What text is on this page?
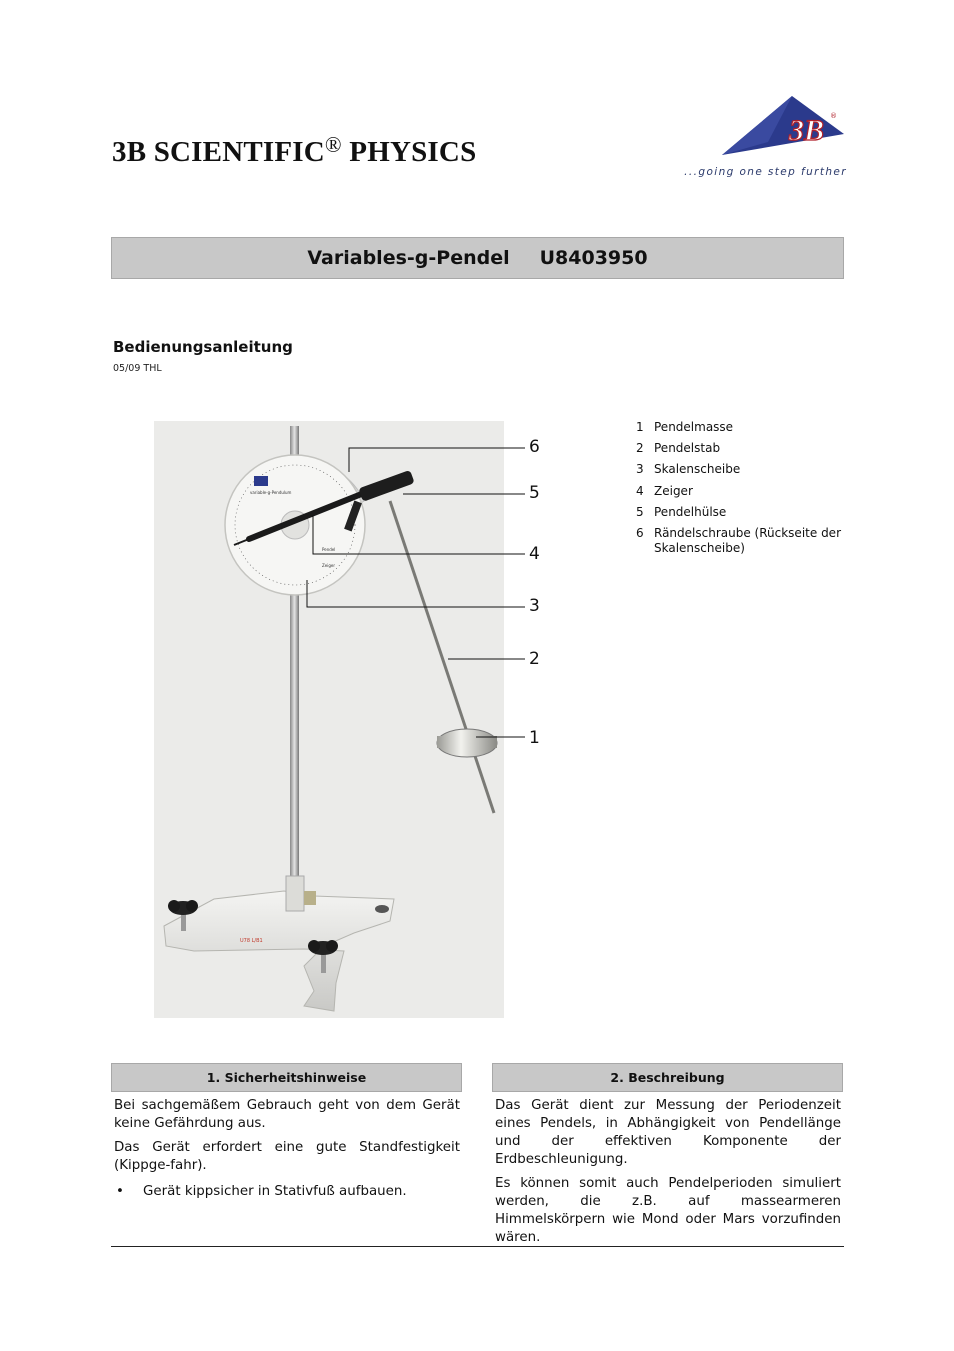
3B SCIENTIFIC® PHYSICS
3B ®
...going one step further
Variables-g-Pendel U8403950
Bedienungsanleitung
05/09 THL
U78 L/B1
variable-g-Pendulum
Pendel
Zeiger
6
5
4
3
2
1
1 Pendelmasse
2 Pendelstab
3 Skalenscheibe
4 Zeiger
5 Pendelhülse
6 Rändelschraube (Rückseite der Skalenscheibe)
1. Sicherheitshinweise

Bei sachgemäßem Gebrauch geht von dem Gerät keine Gefährdung aus.

Das Gerät erfordert eine gute Standfestigkeit (Kippge-fahr).

•	Gerät kippsicher in Stativfuß aufbauen.
2. Beschreibung

Das Gerät dient zur Messung der Periodenzeit eines Pendels, in Abhängigkeit von Pendellänge und der effektiven Komponente der Erdbeschleunigung.

Es können somit auch Pendelperioden simuliert werden, die z.B. auf massearmeren Himmelskörpern wie Mond oder Mars vorzufinden wären.
